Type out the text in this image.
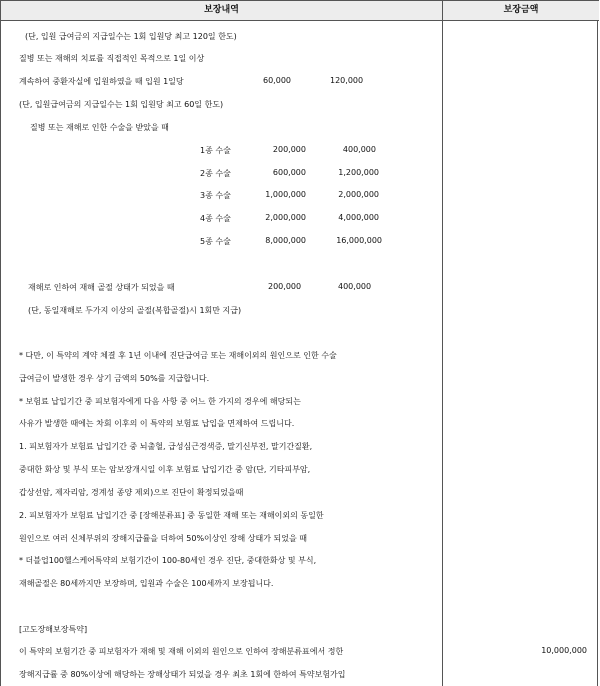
보장내역	보장금액
(단, 입원 급여금의 지급일수는 1회 입원당 최고 120일 한도)
질병 또는 재해의 치료를 직접적인 목적으로 1일 이상
계속하여 중환자실에 입원하였을 때 입원 1일당	60,000	120,000
(단, 입원급여금의 지급일수는 1회 입원당 최고 60일 한도)
질병 또는 재해로 인한 수술을 받았을 때
1종 수술	200,000	400,000
2종 수술	600,000	1,200,000
3종 수술	1,000,000	2,000,000
4종 수술	2,000,000	4,000,000
5종 수술	8,000,000	16,000,000
재해로 인하여 재해 골절 상태가 되었을 때	200,000	400,000
(단, 동일재해로 두가지 이상의 골절(복합골절)시 1회만 지급)
* 다만, 이 특약의 계약 체결 후 1년 이내에 진단급여금 또는 재해이외의 원인으로 인한 수술
급여금이 발생한 경우 상기 금액의 50%를 지급합니다.
* 보험료 납입기간 중 피보험자에게 다음 사항 중 어느 한 가지의 경우에 해당되는
사유가 발생한 때에는 차회 이후의 이 특약의 보험료 납입을 면제하여 드립니다.
1. 피보험자가 보험료 납입기간 중 뇌출혈, 급성심근경색증, 말기신부전, 말기간질환,
중대한 화상 및 부식 또는 암보장개시일 이후 보험료 납입기간 중 암(단, 기타피부암,
갑상선암, 제자리암, 경계성 종양 제외)으로 진단이 확정되었을때
2. 피보험자가 보험료 납입기간 중 [장해분류표] 중 동일한 재해 또는 재해이외의 동일한
원인으로 여러 신체부위의 장해지급률을 더하여 50%이상인 장해 상태가 되었을 때
* 더블업100헬스케어특약의 보험기간이 100-80세인 경우 진단, 중대한화상 및 부식,
재해골절은 80세까지만 보장하며, 입원과 수술은 100세까지 보장됩니다.
[고도장해보장특약]
이 특약의 보험기간 중 피보험자가 재해 및 재해 이외의 원인으로 인하여 장해분류표에서 정한	10,000,000
장해지급률 중 80%이상에 해당하는 장해상태가 되었을 경우 최초 1회에 한하여 특약보험가입
